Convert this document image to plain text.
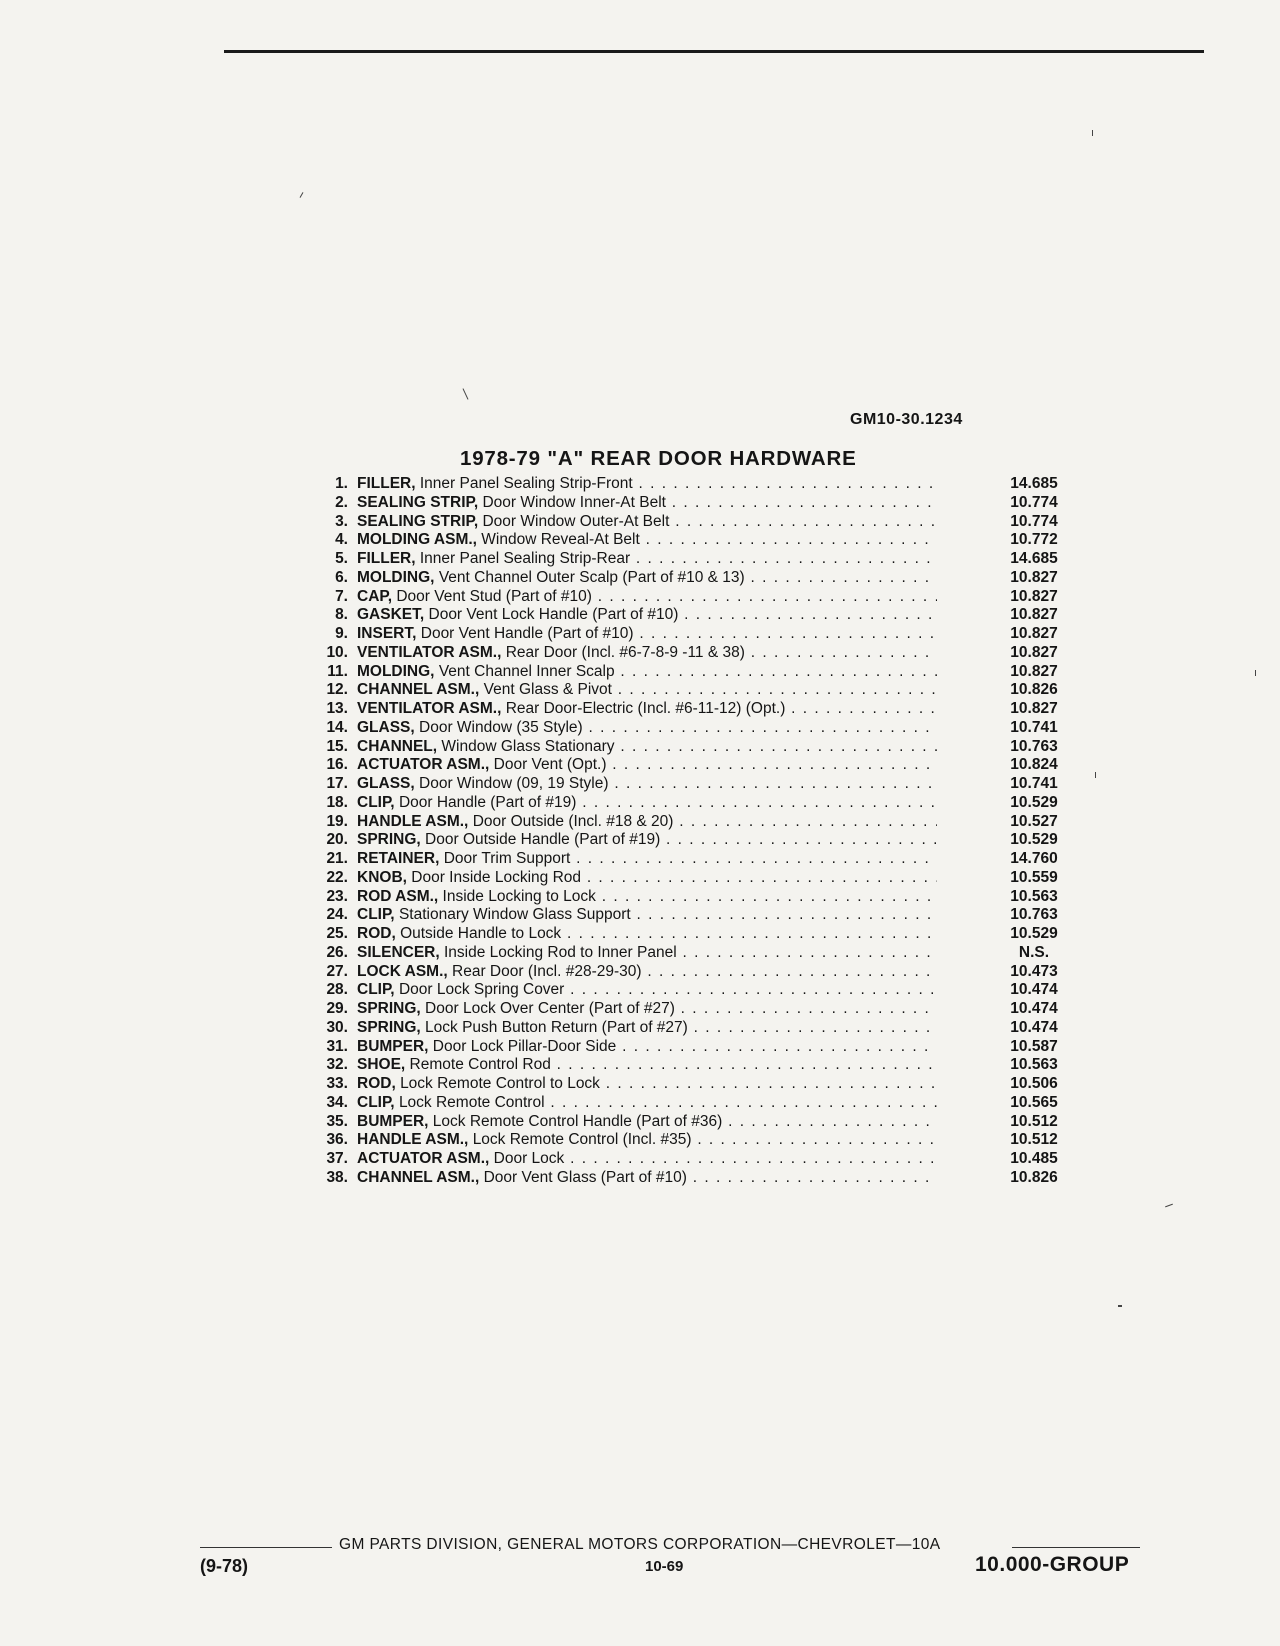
GM10-30.1234
1978-79 "A" REAR DOOR HARDWARE
1. FILLER, Inner Panel Sealing Strip-Front . . .	14.685
2. SEALING STRIP, Door Window Inner-At Belt . . .	10.774
3. SEALING STRIP, Door Window Outer-At Belt . . .	10.774
4. MOLDING ASM., Window Reveal-At Belt . . .	10.772
5. FILLER, Inner Panel Sealing Strip-Rear . . .	14.685
6. MOLDING, Vent Channel Outer Scalp (Part of #10 & 13) . . .	10.827
7. CAP, Door Vent Stud (Part of #10) . . .	10.827
8. GASKET, Door Vent Lock Handle (Part of #10) . . .	10.827
9. INSERT, Door Vent Handle (Part of #10) . . .	10.827
10. VENTILATOR ASM., Rear Door (Incl. #6-7-8-9 -11 & 38) . . .	10.827
11. MOLDING, Vent Channel Inner Scalp . . .	10.827
12. CHANNEL ASM., Vent Glass & Pivot . . .	10.826
13. VENTILATOR ASM., Rear Door-Electric (Incl. #6-11-12) (Opt.) . . .	10.827
14. GLASS, Door Window (35 Style) . . .	10.741
15. CHANNEL, Window Glass Stationary . . .	10.763
16. ACTUATOR ASM., Door Vent (Opt.) . . .	10.824
17. GLASS, Door Window (09, 19 Style) . . .	10.741
18. CLIP, Door Handle (Part of #19) . . .	10.529
19. HANDLE ASM., Door Outside (Incl. #18 & 20) . . .	10.527
20. SPRING, Door Outside Handle (Part of #19) . . .	10.529
21. RETAINER, Door Trim Support . . .	14.760
22. KNOB, Door Inside Locking Rod . . .	10.559
23. ROD ASM., Inside Locking to Lock . . .	10.563
24. CLIP, Stationary Window Glass Support . . .	10.763
25. ROD, Outside Handle to Lock . . .	10.529
26. SILENCER, Inside Locking Rod to Inner Panel . . .	N.S.
27. LOCK ASM., Rear Door (Incl. #28-29-30) . . .	10.473
28. CLIP, Door Lock Spring Cover . . .	10.474
29. SPRING, Door Lock Over Center (Part of #27) . . .	10.474
30. SPRING, Lock Push Button Return (Part of #27) . . .	10.474
31. BUMPER, Door Lock Pillar-Door Side . . .	10.587
32. SHOE, Remote Control Rod . . .	10.563
33. ROD, Lock Remote Control to Lock . . .	10.506
34. CLIP, Lock Remote Control . . .	10.565
35. BUMPER, Lock Remote Control Handle (Part of #36) . . .	10.512
36. HANDLE ASM., Lock Remote Control (Incl. #35) . . .	10.512
37. ACTUATOR ASM., Door Lock . . .	10.485
38. CHANNEL ASM., Door Vent Glass (Part of #10) . . .	10.826
GM PARTS DIVISION, GENERAL MOTORS CORPORATION—CHEVROLET—10A
(9-78)	10-69	10.000-GROUP
